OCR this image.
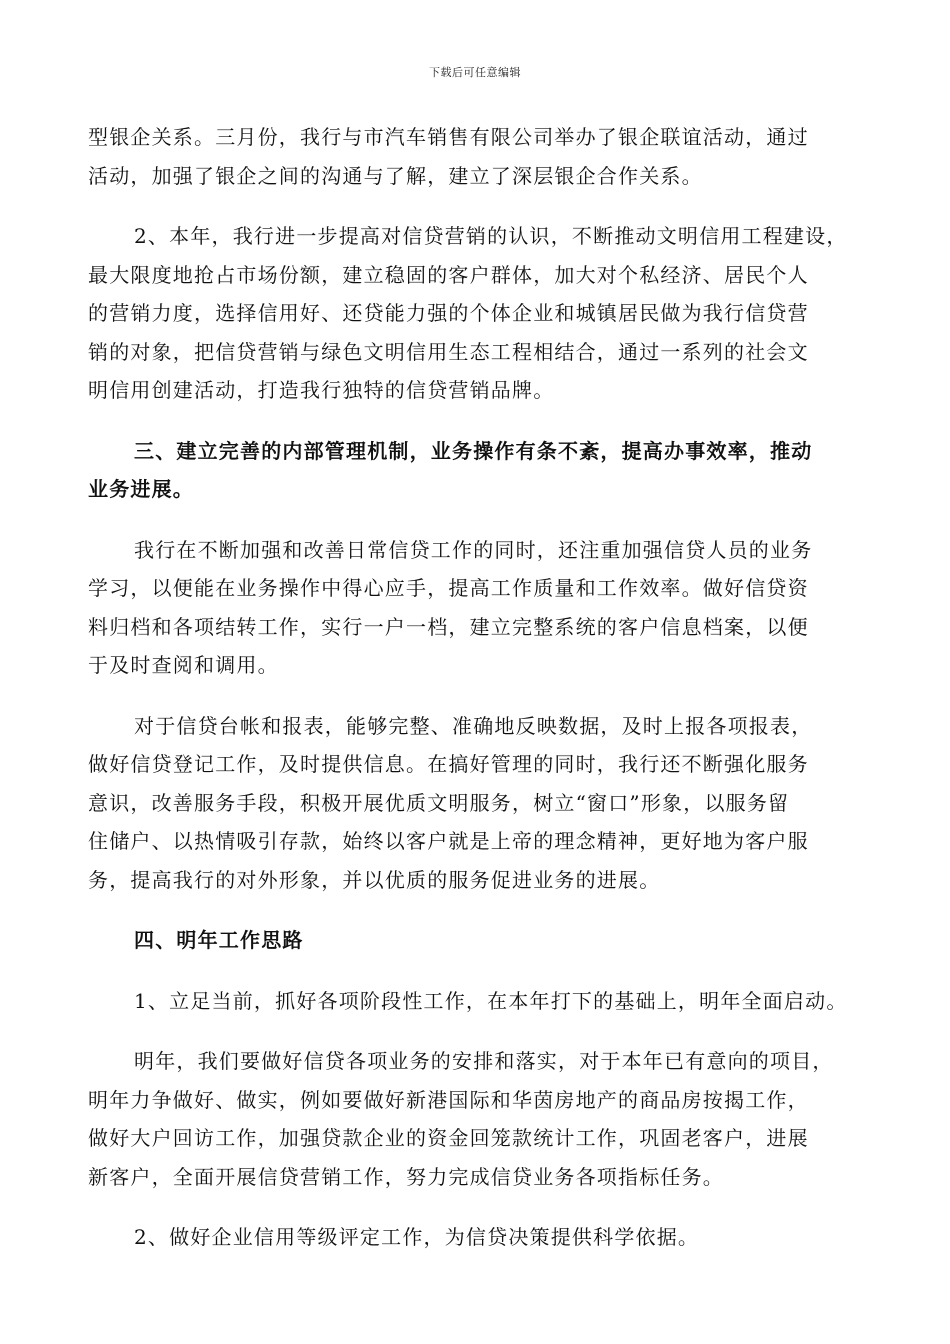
下载后可任意编辑
型银企关系。三月份，我行与市汽车销售有限公司举办了银企联谊活动，通过
活动，加强了银企之间的沟通与了解，建立了深层银企合作关系。
2、本年，我行进一步提高对信贷营销的认识，不断推动文明信用工程建设，
最大限度地抢占市场份额，建立稳固的客户群体，加大对个私经济、居民个人
的营销力度，选择信用好、还贷能力强的个体企业和城镇居民做为我行信贷营
销的对象，把信贷营销与绿色文明信用生态工程相结合，通过一系列的社会文
明信用创建活动，打造我行独特的信贷营销品牌。
三、建立完善的内部管理机制，业务操作有条不紊，提高办事效率，推动
业务进展。
我行在不断加强和改善日常信贷工作的同时，还注重加强信贷人员的业务
学习，以便能在业务操作中得心应手，提高工作质量和工作效率。做好信贷资
料归档和各项结转工作，实行一户一档，建立完整系统的客户信息档案，以便
于及时查阅和调用。
对于信贷台帐和报表，能够完整、准确地反映数据，及时上报各项报表，
做好信贷登记工作，及时提供信息。在搞好管理的同时，我行还不断强化服务
意识，改善服务手段，积极开展优质文明服务，树立“窗口”形象，以服务留
住储户、以热情吸引存款，始终以客户就是上帝的理念精神，更好地为客户服
务，提高我行的对外形象，并以优质的服务促进业务的进展。
四、明年工作思路
1、立足当前，抓好各项阶段性工作，在本年打下的基础上，明年全面启动。
明年，我们要做好信贷各项业务的安排和落实，对于本年已有意向的项目，
明年力争做好、做实，例如要做好新港国际和华茵房地产的商品房按揭工作，
做好大户回访工作，加强贷款企业的资金回笼款统计工作，巩固老客户，进展
新客户，全面开展信贷营销工作，努力完成信贷业务各项指标任务。
2、做好企业信用等级评定工作，为信贷决策提供科学依据。
